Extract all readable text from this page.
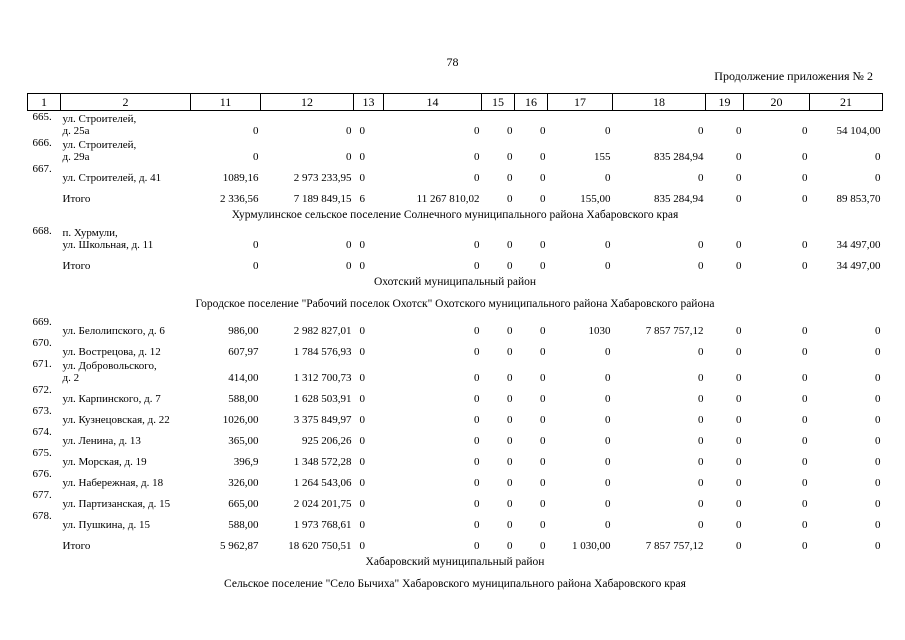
78
Продолжение приложения № 2
1	2	11	12	13	14	15	16	17	18	19	20	21
665.	ул. Строителей,
д. 25а	0	0	0	0	0	0	0	0	0	0	54 104,00
666.	ул. Строителей,
д. 29а	0	0	0	0	0	0	155	835 284,94	0	0	0
667.	ул. Строителей, д. 41	1089,16	2 973 233,95	0	0	0	0	0	0	0	0	0
	Итого	2 336,56	7 189 849,15	6	11 267 810,02	0	0	155,00	835 284,94	0	0	89 853,70
Хурмулинское сельское поселение Солнечного муниципального района Хабаровского края												
668.	п. Хурмули,
ул. Школьная, д. 11	0	0	0	0	0	0	0	0	0	0	34 497,00
	Итого	0	0	0	0	0	0	0	0	0	0	34 497,00
Охотский муниципальный район												
Городское поселение "Рабочий поселок Охотск" Охотского муниципального района Хабаровского района												
669.	ул. Белолипского, д. 6	986,00	2 982 827,01	0	0	0	0	1030	7 857 757,12	0	0	0
670.	ул. Вострецова, д. 12	607,97	1 784 576,93	0	0	0	0	0	0	0	0	0
671.	ул. Добровольского,
д. 2	414,00	1 312 700,73	0	0	0	0	0	0	0	0	0
672.	ул. Карпинского, д. 7	588,00	1 628 503,91	0	0	0	0	0	0	0	0	0
673.	ул. Кузнецовская, д. 22	1026,00	3 375 849,97	0	0	0	0	0	0	0	0	0
674.	ул. Ленина, д. 13	365,00	925 206,26	0	0	0	0	0	0	0	0	0
675.	ул. Морская, д. 19	396,9	1 348 572,28	0	0	0	0	0	0	0	0	0
676.	ул. Набережная, д. 18	326,00	1 264 543,06	0	0	0	0	0	0	0	0	0
677.	ул. Партизанская, д. 15	665,00	2 024 201,75	0	0	0	0	0	0	0	0	0
678.	ул. Пушкина, д. 15	588,00	1 973 768,61	0	0	0	0	0	0	0	0	0
	Итого	5 962,87	18 620 750,51	0	0	0	0	1 030,00	7 857 757,12	0	0	0
Хабаровский муниципальный район												
Сельское поселение "Село Бычиха" Хабаровского муниципального района Хабаровского края												
